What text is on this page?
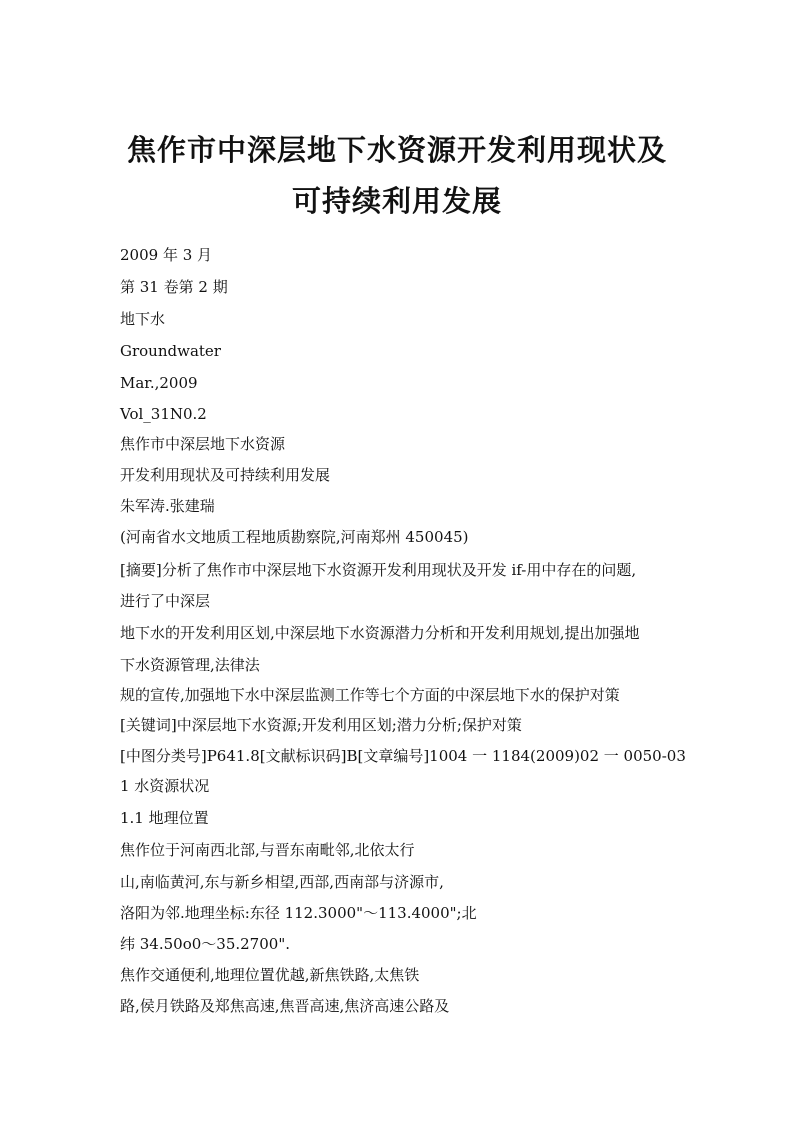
焦作市中深层地下水资源开发利用现状及
可持续利用发展
2009 年 3 月
第 31 卷第 2 期
地下水
Groundwater
Mar.,2009
Vol_31N0.2
焦作市中深层地下水资源
开发利用现状及可持续利用发展
朱军涛.张建瑞
(河南省水文地质工程地质勘察院,河南郑州 450045)
[摘要]分析了焦作市中深层地下水资源开发利用现状及开发 if-用中存在的问题,
进行了中深层
地下水的开发利用区划,中深层地下水资源潜力分析和开发利用规划,提出加强地
下水资源管理,法律法
规的宣传,加强地下水中深层监测工作等七个方面的中深层地下水的保护对策
[关键词]中深层地下水资源;开发利用区划;潜力分析;保护对策
[中图分类号]P641.8[文献标识码]B[文章编号]1004 一 1184(2009)02 一 0050-03
1 水资源状况
1.1 地理位置
焦作位于河南西北部,与晋东南毗邻,北依太行
山,南临黄河,东与新乡相望,西部,西南部与济源市,
洛阳为邻.地理坐标:东径 112.3000"～113.4000";北
纬 34.50o0～35.2700".
焦作交通便利,地理位置优越,新焦铁路,太焦铁
路,侯月铁路及郑焦高速,焦晋高速,焦济高速公路及
